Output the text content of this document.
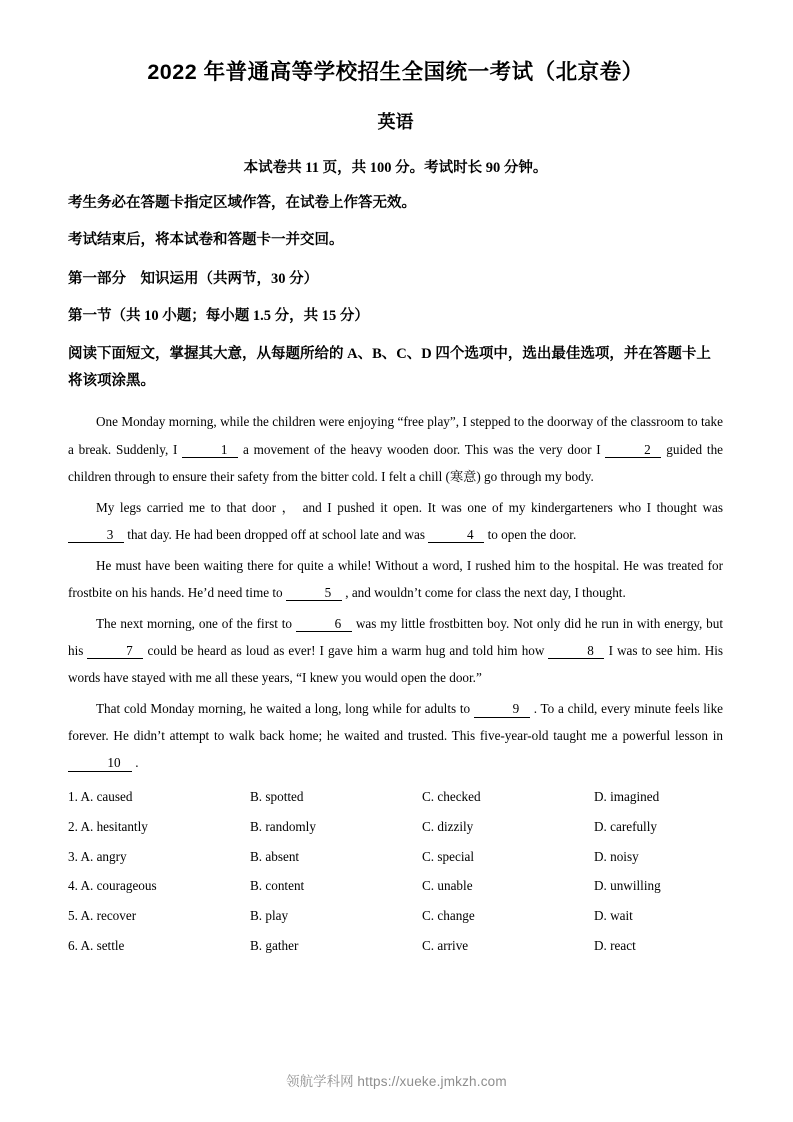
2022 年普通高等学校招生全国统一考试（北京卷）
英语

本试卷共 11 页，共 100 分。考试时长 90 分钟。

考生务必在答题卡指定区域作答，在试卷上作答无效。

考试结束后，将本试卷和答题卡一并交回。

第一部分　知识运用（共两节，30 分）

第一节（共 10 小题；每小题 1.5 分，共 15 分）

阅读下面短文，掌握其大意，从每题所给的 A、B、C、D 四个选项中，选出最佳选项，并在答题卡上将该项涂黑。

One Monday morning, while the children were enjoying “free play”, I stepped to the doorway of the classroom to take a break. Suddenly, I	1 a movement of the heavy wooden door. This was the very door I	2 guided the children through to ensure their safety from the bitter cold. I felt a chill (寒意) go through my body.

My legs carried me to that door ， and I pushed it open. It was one of my kindergarteners who I thought was 3 that day. He had been dropped off at school late and was	4 to open the door.

He must have been waiting there for quite a while! Without a word, I rushed him to the hospital. He was treated for frostbite on his hands. He’d need time to	5 , and wouldn’t come for class the next day, I thought.

The next morning, one of the first to	6 was my little frostbitten boy. Not only did he run in with energy, but his	7 could be heard as loud as ever! I gave him a warm hug and told him how	8 I was to see him. His words have stayed with me all these years, “I knew you would open the door.”

That cold Monday morning, he waited a long, long while for adults to	9 . To a child, every minute feels like forever. He didn’t attempt to walk back home; he waited and trusted. This five-year-old taught me a powerful lesson in 10 .

1. A. caused	B. spotted	C. checked	D. imagined
2. A. hesitantly	B. randomly	C. dizzily	D. carefully
3. A. angry	B. absent	C. special	D. noisy
4. A. courageous	B. content	C. unable	D. unwilling
5. A. recover	B. play	C. change	D. wait
6. A. settle	B. gather	C. arrive	D. react
领航学科网 https://xueke.jmkzh.com
